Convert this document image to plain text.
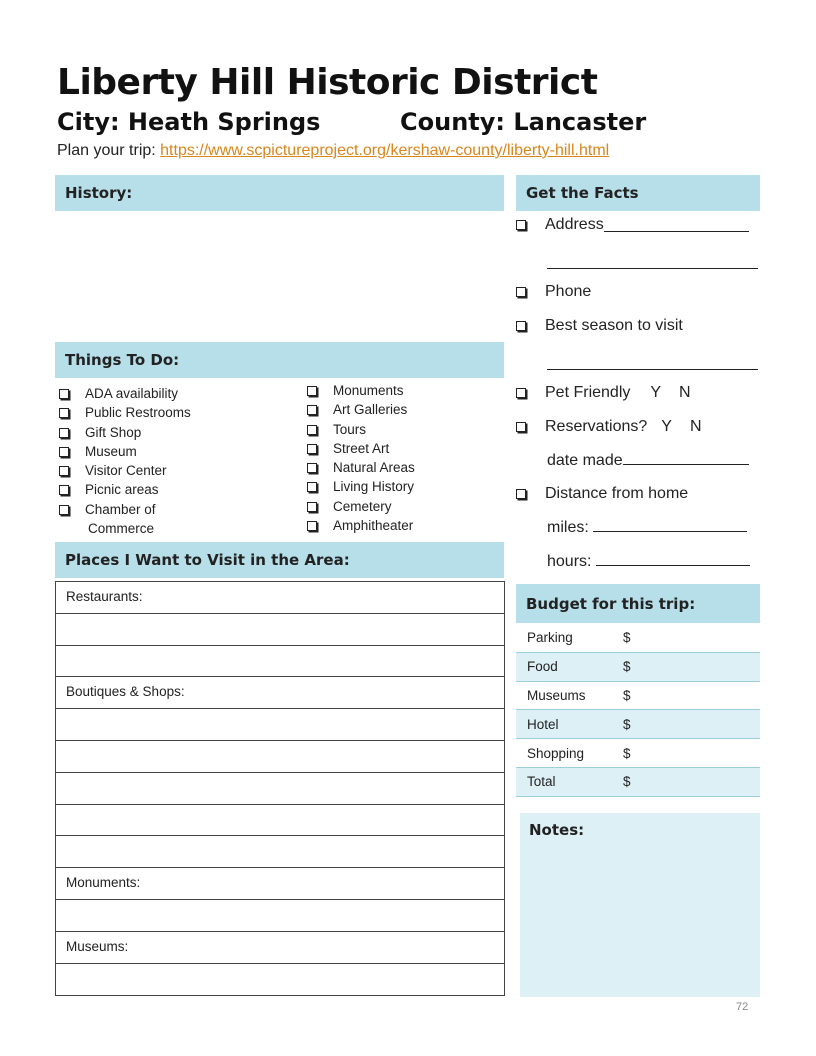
Liberty Hill Historic District
City: Heath Springs	County: Lancaster
Plan your trip: https://www.scpictureproject.org/kershaw-county/liberty-hill.html
History:	Get the Facts
Things To Do:
Places I Want to Visit in the Area:
Budget for this trip:
ADA availability
Public Restrooms
Gift Shop
Museum
Visitor Center
Picnic areas
Chamber of
Commerce
Monuments
Art Galleries
Tours
Street Art
Natural Areas
Living History
Cemetery
Amphitheater
Address
Phone
Best season to visit
Pet Friendly Y N
Reservations? Y N
date made
Distance from home
miles:
hours:
Restaurants:
Boutiques & Shops:
Monuments:
Museums:
Parking	$
Food	$
Museums	$
Hotel	$
Shopping	$
Total	$
Notes:
72
